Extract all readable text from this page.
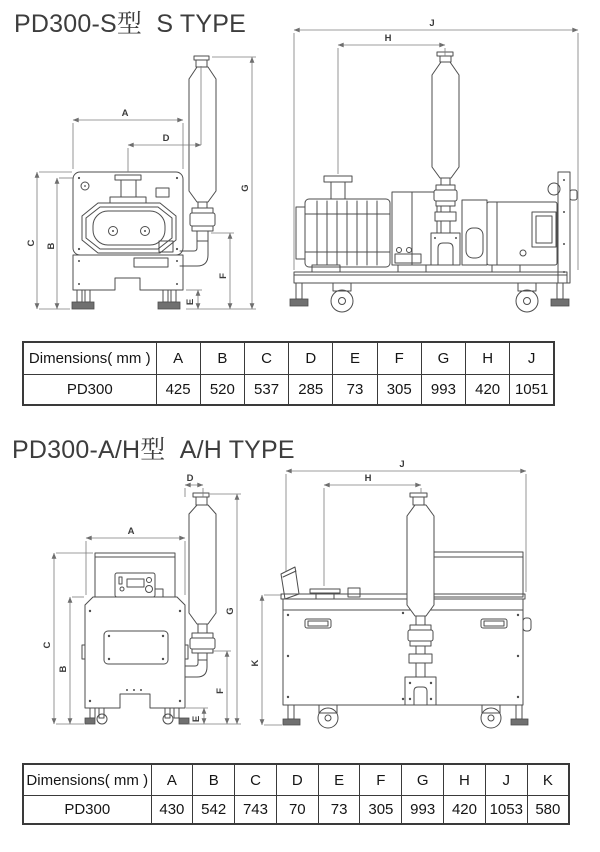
PD300-S型  S TYPE
A
D
C B
E
F
G
J
H
Dimensions( mm )	A	B	C	D	E	F	G	H	J
PD300	425	520	537	285	73	305	993	420	1051
PD300-A/H型  A/H TYPE
D
A
C
B
E
F
G
J
H
K
Dimensions( mm )	A	B	C	D	E	F	G	H	J	K
PD300	430	542	743	70	73	305	993	420	1053	580
